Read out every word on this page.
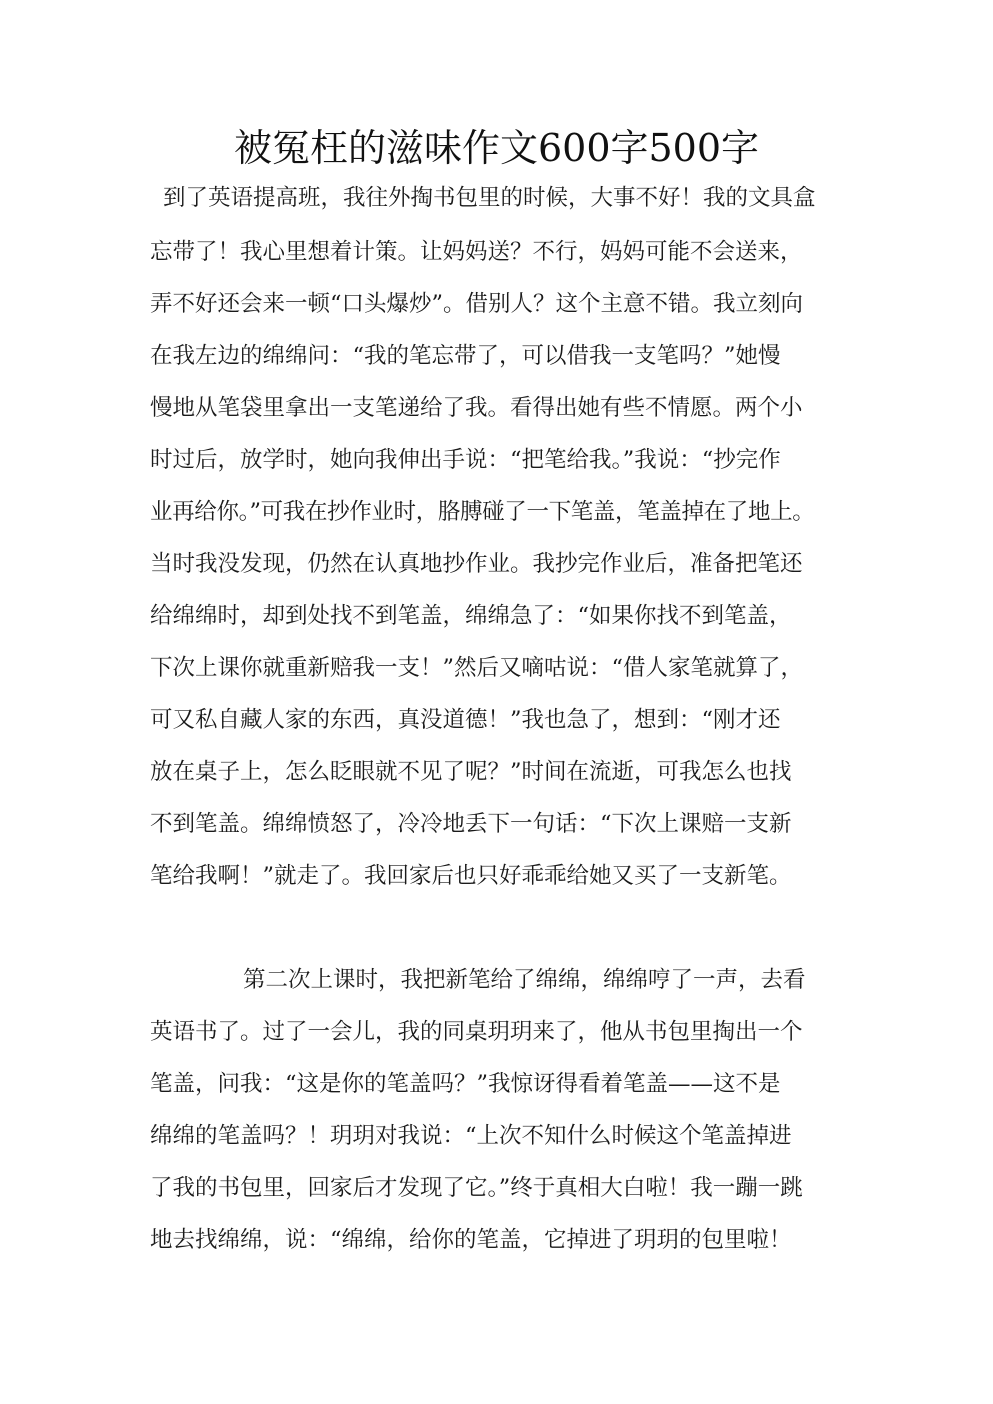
被冤枉的滋味作文600字500字
到了英语提高班，我往外掏书包里的时候，大事不好！我的文具盒
忘带了！我心里想着计策。让妈妈送？不行，妈妈可能不会送来，
弄不好还会来一顿“口头爆炒”。借别人？这个主意不错。我立刻向
在我左边的绵绵问：“我的笔忘带了，可以借我一支笔吗？”她慢
慢地从笔袋里拿出一支笔递给了我。看得出她有些不情愿。两个小
时过后，放学时，她向我伸出手说：“把笔给我。”我说：“抄完作
业再给你。”可我在抄作业时，胳膊碰了一下笔盖，笔盖掉在了地上。
当时我没发现，仍然在认真地抄作业。我抄完作业后，准备把笔还
给绵绵时，却到处找不到笔盖，绵绵急了：“如果你找不到笔盖，
下次上课你就重新赔我一支！”然后又嘀咕说：“借人家笔就算了，
可又私自藏人家的东西，真没道德！”我也急了，想到：“刚才还
放在桌子上，怎么眨眼就不见了呢？”时间在流逝，可我怎么也找
不到笔盖。绵绵愤怒了，冷冷地丢下一句话：“下次上课赔一支新
笔给我啊！”就走了。我回家后也只好乖乖给她又买了一支新笔。
第二次上课时，我把新笔给了绵绵，绵绵哼了一声，去看
英语书了。过了一会儿，我的同桌玥玥来了，他从书包里掏出一个
笔盖，问我：“这是你的笔盖吗？”我惊讶得看着笔盖——这不是
绵绵的笔盖吗？！玥玥对我说：“上次不知什么时候这个笔盖掉进
了我的书包里，回家后才发现了它。”终于真相大白啦！我一蹦一跳
地去找绵绵，说：“绵绵，给你的笔盖，它掉进了玥玥的包里啦！
